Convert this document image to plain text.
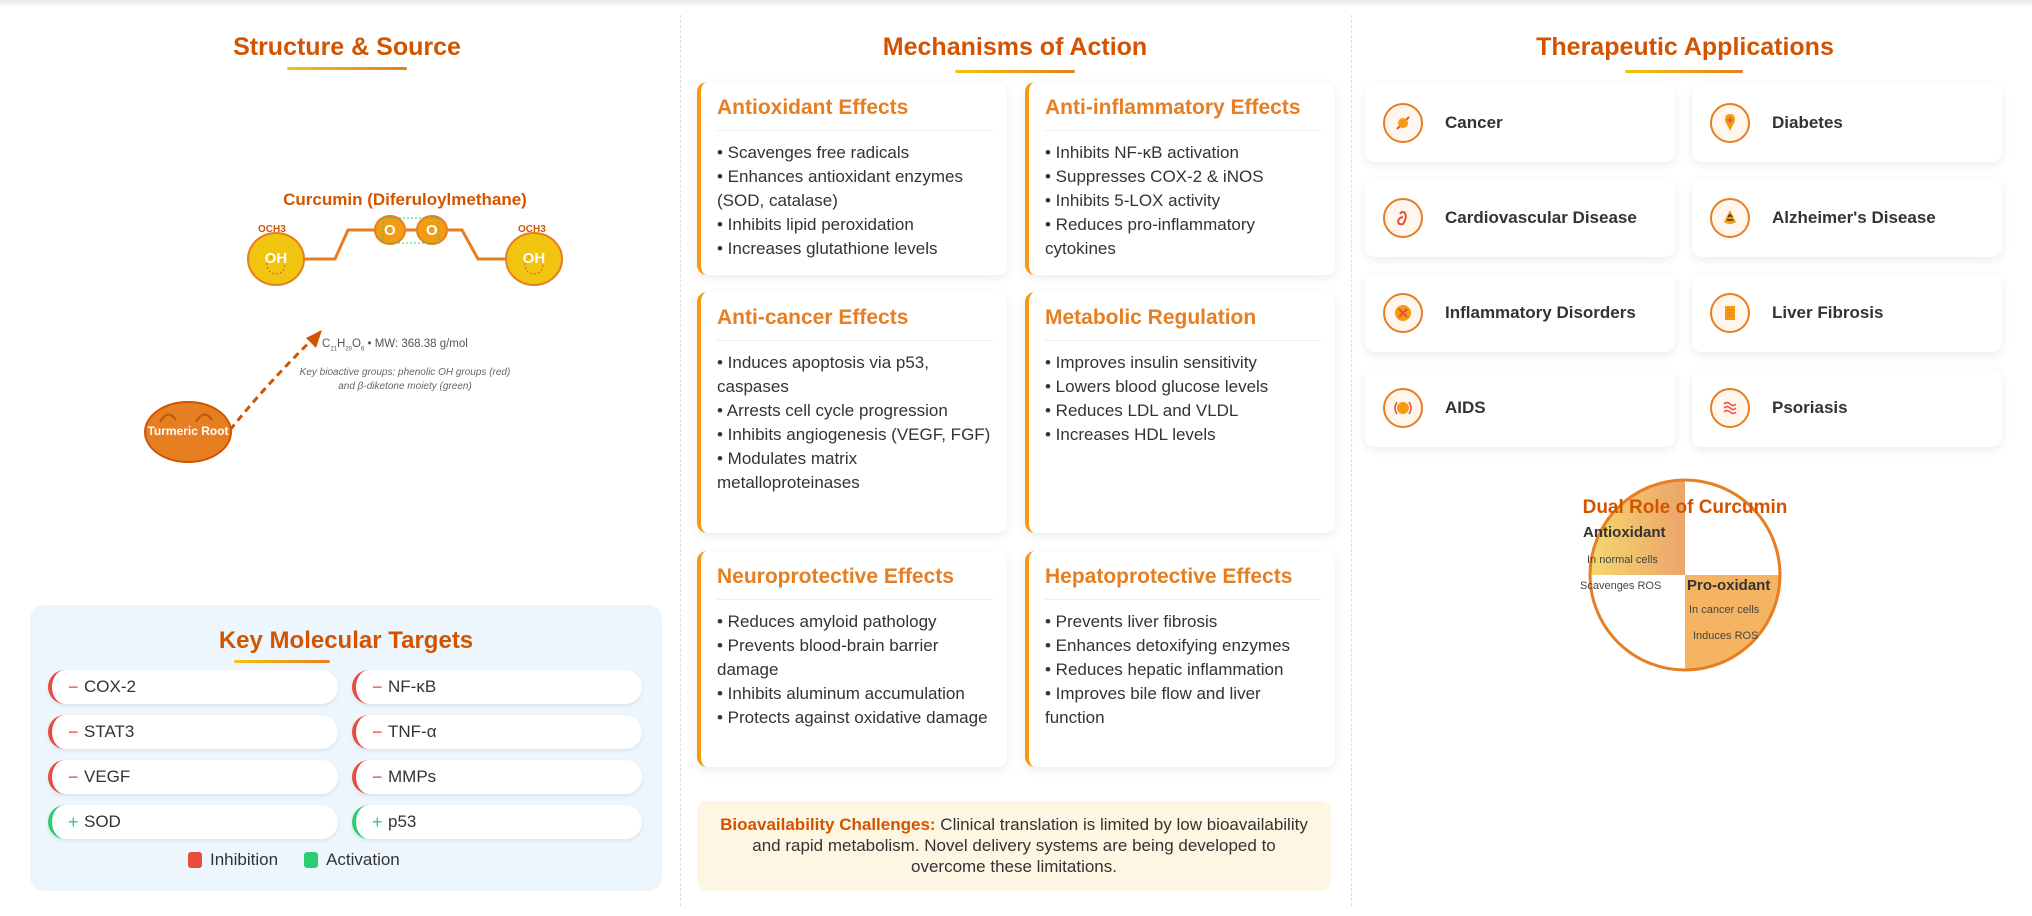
Structure & Source
Curcumin (Diferuloylmethane)
OH	OH
OCH3	OCH3
O O
$C_{21}H_{20}O_6$ • MW: 368.38 g/mol
Key bioactive groups: phenolic OH groups (red)
and β-diketone moiety (green)
Turmeric Root
Key Molecular Targets
− COX-2	− NF-κB
− STAT3	− TNF-α
− VEGF	− MMPs
+ SOD	+ p53
Inhibition	Activation
Mechanisms of Action
Antioxidant Effects
• Scavenges free radicals
• Enhances antioxidant enzymes (SOD, catalase)
• Inhibits lipid peroxidation
• Increases glutathione levels
Anti-inflammatory Effects
• Inhibits NF-κB activation
• Suppresses COX-2 & iNOS
• Inhibits 5-LOX activity
• Reduces pro-inflammatory cytokines
Anti-cancer Effects
• Induces apoptosis via p53, caspases
• Arrests cell cycle progression
• Inhibits angiogenesis (VEGF, FGF)
• Modulates matrix metalloproteinases
Metabolic Regulation
• Improves insulin sensitivity
• Lowers blood glucose levels
• Reduces LDL and VLDL
• Increases HDL levels
Neuroprotective Effects
• Reduces amyloid pathology
• Prevents blood-brain barrier damage
• Inhibits aluminum accumulation
• Protects against oxidative damage
Hepatoprotective Effects
• Prevents liver fibrosis
• Enhances detoxifying enzymes
• Reduces hepatic inflammation
• Improves bile flow and liver function
Bioavailability Challenges: Clinical translation is limited by low bioavailability and rapid metabolism. Novel delivery systems are being developed to overcome these limitations.
Therapeutic Applications
Cancer	Diabetes
Cardiovascular Disease	Alzheimer's Disease
Inflammatory Disorders	Liver Fibrosis
AIDS	Psoriasis
Dual Role of Curcumin
Antioxidant
In normal cells
Scavenges ROS Pro-oxidant
In cancer cells
Induces ROS
